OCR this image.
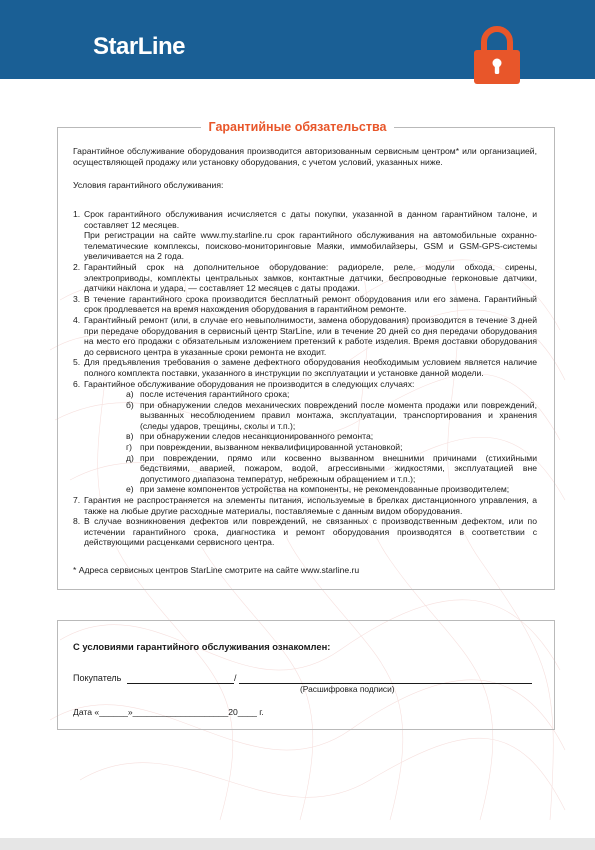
StarLine
Гарантийные обязательства

Гарантийное обслуживание оборудования производится авторизованным сервисным центром* или организацией, осуществляющей продажу или установку оборудования, с учетом условий, указанных ниже.

Условия гарантийного обслуживания:

1. Срок гарантийного обслуживания исчисляется с даты покупки, указанной в данном гарантийном талоне, и составляет 12 месяцев.

При регистрации на сайте www.my.starline.ru срок гарантийного обслуживания на автомобильные охранно-телематические комплексы, поисково-мониторинговые Маяки, иммобилайзеры, GSM и GSM-GPS-системы увеличивается на 2 года.

2. Гарантийный срок на дополнительное оборудование: радиореле, реле, модули обхода, сирены, электроприводы, комплекты центральных замков, контактные датчики, беспроводные герконовые датчики, датчики наклона и удара, — составляет 12 месяцев с даты продажи.

3. В течение гарантийного срока производится бесплатный ремонт оборудования или его замена. Гарантийный срок продлевается на время нахождения оборудования в гарантийном ремонте.

4. Гарантийный ремонт (или, в случае его невыполнимости, замена оборудования) производится в течение 3 дней при передаче оборудования в сервисный центр StarLine, или в течение 20 дней со дня передачи оборудования на место его продажи с обязательным изложением претензий к работе изделия. Время доставки оборудования до сервисного центра в указанные сроки ремонта не входит.

5. Для предъявления требования о замене дефектного оборудования необходимым условием является наличие полного комплекта поставки, указанного в инструкции по эксплуатации и установке данной модели.

6. Гарантийное обслуживание оборудования не производится в следующих случаях:

а) после истечения гарантийного срока;
б) при обнаружении следов механических повреждений после момента продажи или повреждений, вызванных несоблюдением правил монтажа, эксплуатации, транспортирования и хранения (следы ударов, трещины, сколы и т.п.);
в) при обнаружении следов несанкционированного ремонта;
г) при повреждении, вызванном неквалифицированной установкой;
д) при повреждении, прямо или косвенно вызванном внешними причинами (стихийными бедствиями, аварией, пожаром, водой, агрессивными жидкостями, эксплуатацией вне допустимого диапазона температур, небрежным обращением и т.п.);
е) при замене компонентов устройства на компоненты, не рекомендованные производителем;
7. Гарантия не распространяется на элементы питания, используемые в брелках дистанционного управления, а также на любые другие расходные материалы, поставляемые с данным видом оборудования.

8. В случае возникновения дефектов или повреждений, не связанных с производственным дефектом, или по истечении гарантийного срока, диагностика и ремонт оборудования производятся в соответствии с действующими расценками сервисного центра.

* Адреса сервисных центров StarLine смотрите на сайте www.starline.ru

С условиями гарантийного обслуживания ознакомлен:
Покупатель	/
(Расшифровка подписи)
Дата «______»____________________20____ г.
